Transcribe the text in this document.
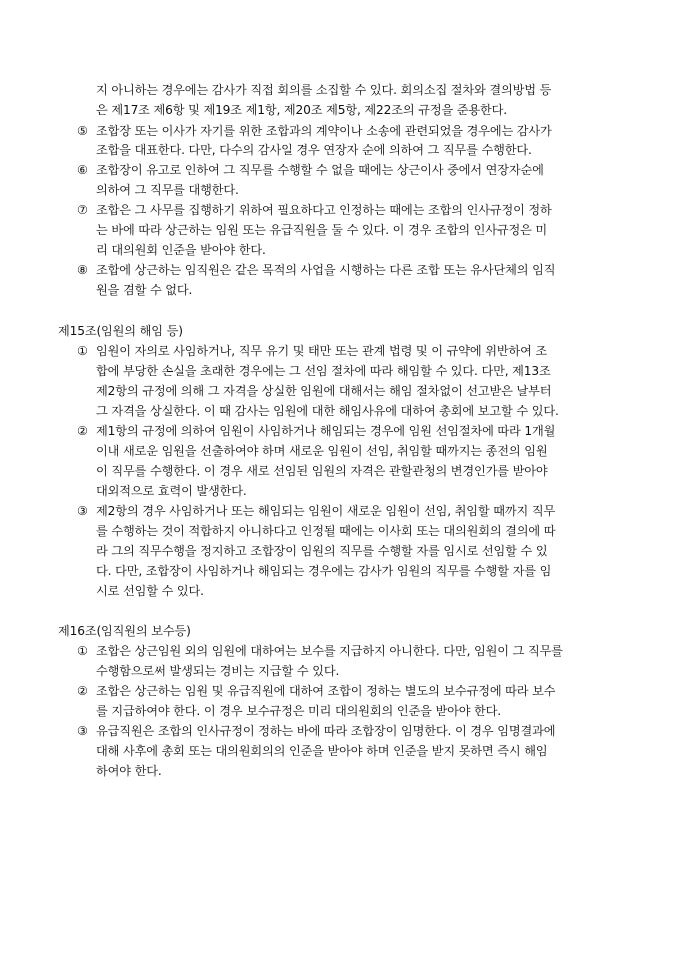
지 아니하는 경우에는 감사가 직접 회의를 소집할 수 있다. 회의소집 절차와 결의방법 등
은 제17조 제6항 및 제19조 제1항, 제20조 제5항, 제22조의 규정을 준용한다.
⑤ 조합장 또는 이사가 자기를 위한 조합과의 계약이나 소송에 관련되었을 경우에는 감사가
조합을 대표한다. 다만, 다수의 감사일 경우 연장자 순에 의하여 그 직무를 수행한다.
⑥ 조합장이 유고로 인하여 그 직무를 수행할 수 없을 때에는 상근이사 중에서 연장자순에
의하여 그 직무를 대행한다.
⑦ 조합은 그 사무를 집행하기 위하여 필요하다고 인정하는 때에는 조합의 인사규정이 정하
는 바에 따라 상근하는 임원 또는 유급직원을 둘 수 있다. 이 경우 조합의 인사규정은 미
리 대의원회 인준을 받아야 한다.
⑧ 조합에 상근하는 임직원은 같은 목적의 사업을 시행하는 다른 조합 또는 유사단체의 임직
원을 겸할 수 없다.
제15조(임원의 해임 등)
① 임원이 자의로 사임하거나, 직무 유기 및 태만 또는 관계 법령 및 이 규약에 위반하여 조
합에 부당한 손실을 초래한 경우에는 그 선임 절차에 따라 해임할 수 있다. 다만, 제13조
제2항의 규정에 의해 그 자격을 상실한 임원에 대해서는 해임 절차없이 선고받은 날부터
그 자격을 상실한다. 이 때 감사는 임원에 대한 해임사유에 대하여 총회에 보고할 수 있다.
② 제1항의 규정에 의하여 임원이 사임하거나 해임되는 경우에 임원 선임절차에 따라 1개월
이내 새로운 임원을 선출하여야 하며 새로운 임원이 선임, 취임할 때까지는 종전의 임원
이 직무를 수행한다. 이 경우 새로 선임된 임원의 자격은 관할관청의 변경인가를 받아야
대외적으로 효력이 발생한다.
③ 제2항의 경우 사임하거나 또는 해임되는 임원이 새로운 임원이 선임, 취임할 때까지 직무
를 수행하는 것이 적합하지 아니하다고 인정될 때에는 이사회 또는 대의원회의 결의에 따
라 그의 직무수행을 정지하고 조합장이 임원의 직무를 수행할 자를 임시로 선임할 수 있
다. 다만, 조합장이 사임하거나 해임되는 경우에는 감사가 임원의 직무를 수행할 자를 임
시로 선임할 수 있다.
제16조(임직원의 보수등)
① 조합은 상근임원 외의 임원에 대하여는 보수를 지급하지 아니한다. 다만, 임원이 그 직무를
수행함으로써 발생되는 경비는 지급할 수 있다.
② 조합은 상근하는 임원 및 유급직원에 대하여 조합이 정하는 별도의 보수규정에 따라 보수
를 지급하여야 한다. 이 경우 보수규정은 미리 대의원회의 인준을 받아야 한다.
③ 유급직원은 조합의 인사규정이 정하는 바에 따라 조합장이 임명한다. 이 경우 임명결과에
대해 사후에 총회 또는 대의원회의의 인준을 받아야 하며 인준을 받지 못하면 즉시 해임
하여야 한다.
